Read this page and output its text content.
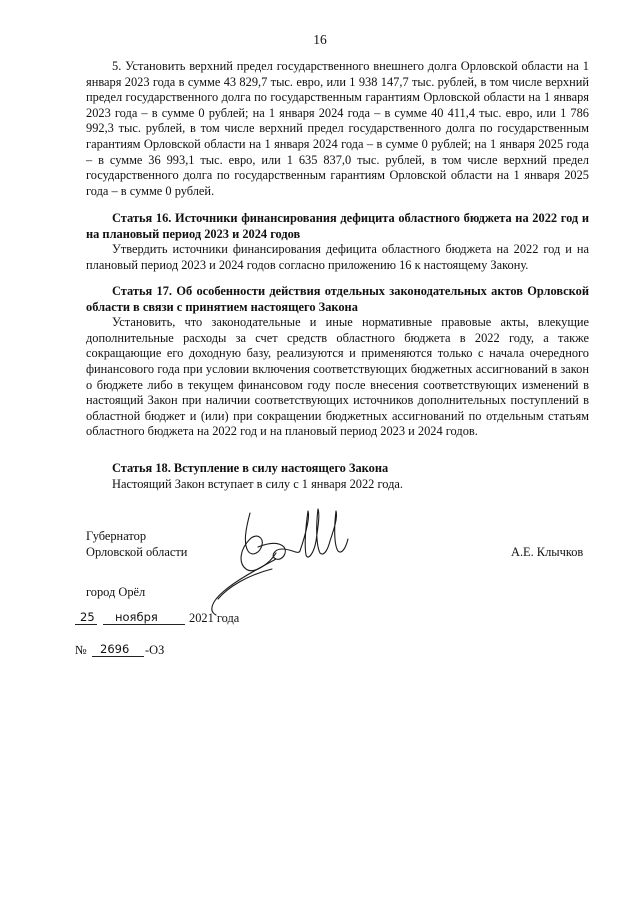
16

5. Установить верхний предел государственного внешнего долга Орловской области на 1 января 2023 года в сумме 43 829,7 тыс. евро, или 1 938 147,7 тыс. рублей, в том числе верхний предел государственного долга по государственным гарантиям Орловской области на 1 января 2023 года – в сумме 0 рублей; на 1 января 2024 года – в сумме 40 411,4 тыс. евро, или 1 786 992,3 тыс. рублей, в том числе верхний предел государственного долга по государственным гарантиям Орловской области на 1 января 2024 года – в сумме 0 рублей; на 1 января 2025 года – в сумме 36 993,1 тыс. евро, или 1 635 837,0 тыс. рублей, в том числе верхний предел государственного долга по государственным гарантиям Орловской области на 1 января 2025 года – в сумме 0 рублей.

Статья 16. Источники финансирования дефицита областного бюджета на 2022 год и на плановый период 2023 и 2024 годов

Утвердить источники финансирования дефицита областного бюджета на 2022 год и на плановый период 2023 и 2024 годов согласно приложению 16 к настоящему Закону.

Статья 17. Об особенности действия отдельных законодательных актов Орловской области в связи с принятием настоящего Закона

Установить, что законодательные и иные нормативные правовые акты, влекущие дополнительные расходы за счет средств областного бюджета в 2022 году, а также сокращающие его доходную базу, реализуются и применяются только с начала очередного финансового года при условии включения соответствующих бюджетных ассигнований в закон о бюджете либо в текущем финансовом году после внесения соответствующих изменений в настоящий Закон при наличии соответствующих источников дополнительных поступлений в областной бюджет и (или) при сокращении бюджетных ассигнований по отдельным статьям областного бюджета на 2022 год и на плановый период 2023 и 2024 годов.

Статья 18. Вступление в силу настоящего Закона

Настоящий Закон вступает в силу с 1 января 2022 года.

Губернатор
Орловской области	А.Е. Клычков
город Орёл
25 ноября	2021 года
№ 2696 -ОЗ
